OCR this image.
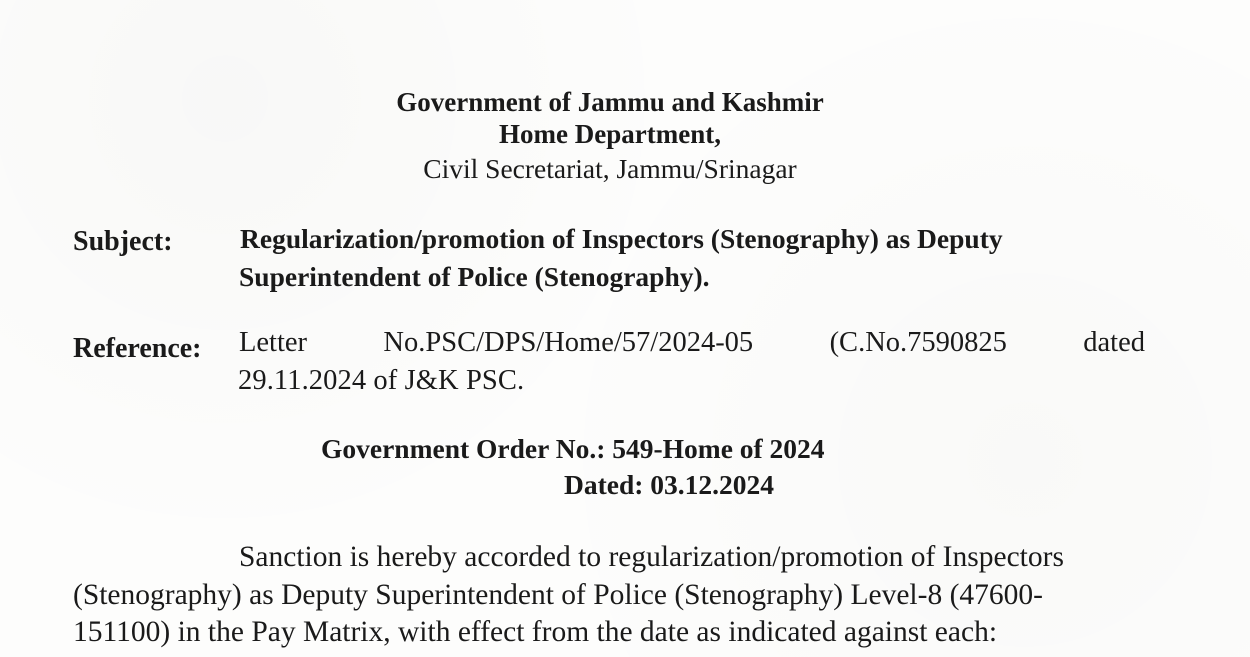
Government of Jammu and Kashmir
Home Department,
Civil Secretariat, Jammu/Srinagar
Subject: Regularization/promotion of Inspectors (Stenography) as Deputy
Superintendent of Police (Stenography).
Reference: Letter	No.PSC/DPS/Home/57/2024-05	(C.No.7590825	dated
29.11.2024 of J&K PSC.
Government Order No.: 549-Home of 2024
Dated: 03.12.2024
Sanction is hereby accorded to regularization/promotion of Inspectors
(Stenography) as Deputy Superintendent of Police (Stenography) Level-8 (47600-
151100) in the Pay Matrix, with effect from the date as indicated against each:
